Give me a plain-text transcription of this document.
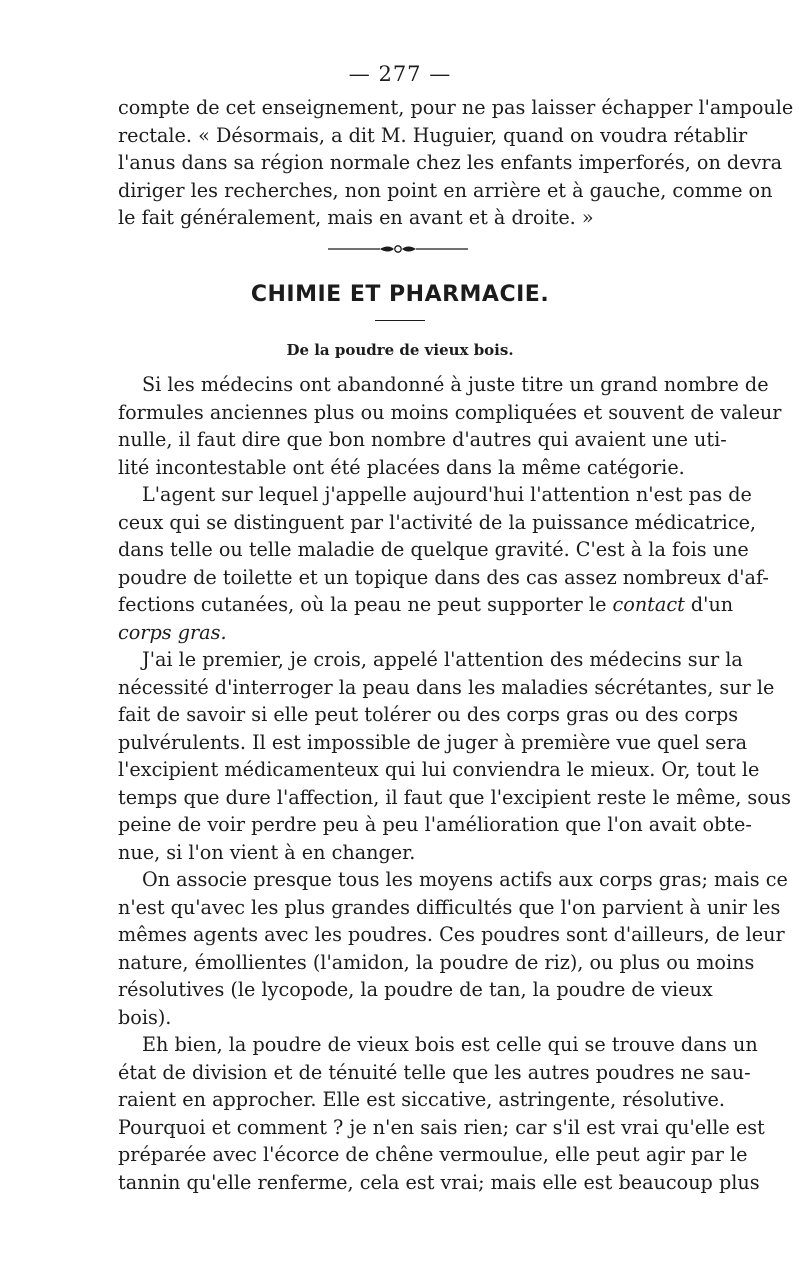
— 277 —
compte de cet enseignement, pour ne pas laisser échapper l'ampoule
rectale. « Désormais, a dit M. Huguier, quand on voudra rétablir
l'anus dans sa région normale chez les enfants imperforés, on devra
diriger les recherches, non point en arrière et à gauche, comme on
le fait généralement, mais en avant et à droite. »
CHIMIE ET PHARMACIE.
De la poudre de vieux bois.
Si les médecins ont abandonné à juste titre un grand nombre de
formules anciennes plus ou moins compliquées et souvent de valeur
nulle, il faut dire que bon nombre d'autres qui avaient une uti-
lité incontestable ont été placées dans la même catégorie.
L'agent sur lequel j'appelle aujourd'hui l'attention n'est pas de
ceux qui se distinguent par l'activité de la puissance médicatrice,
dans telle ou telle maladie de quelque gravité. C'est à la fois une
poudre de toilette et un topique dans des cas assez nombreux d'af-
fections cutanées, où la peau ne peut supporter le contact d'un
corps gras.
J'ai le premier, je crois, appelé l'attention des médecins sur la
nécessité d'interroger la peau dans les maladies sécrétantes, sur le
fait de savoir si elle peut tolérer ou des corps gras ou des corps
pulvérulents. Il est impossible de juger à première vue quel sera
l'excipient médicamenteux qui lui conviendra le mieux. Or, tout le
temps que dure l'affection, il faut que l'excipient reste le même, sous
peine de voir perdre peu à peu l'amélioration que l'on avait obte-
nue, si l'on vient à en changer.
On associe presque tous les moyens actifs aux corps gras; mais ce
n'est qu'avec les plus grandes difficultés que l'on parvient à unir les
mêmes agents avec les poudres. Ces poudres sont d'ailleurs, de leur
nature, émollientes (l'amidon, la poudre de riz), ou plus ou moins
résolutives (le lycopode, la poudre de tan, la poudre de vieux
bois).
Eh bien, la poudre de vieux bois est celle qui se trouve dans un
état de division et de ténuité telle que les autres poudres ne sau-
raient en approcher. Elle est siccative, astringente, résolutive.
Pourquoi et comment ? je n'en sais rien; car s'il est vrai qu'elle est
préparée avec l'écorce de chêne vermoulue, elle peut agir par le
tannin qu'elle renferme, cela est vrai; mais elle est beaucoup plus
